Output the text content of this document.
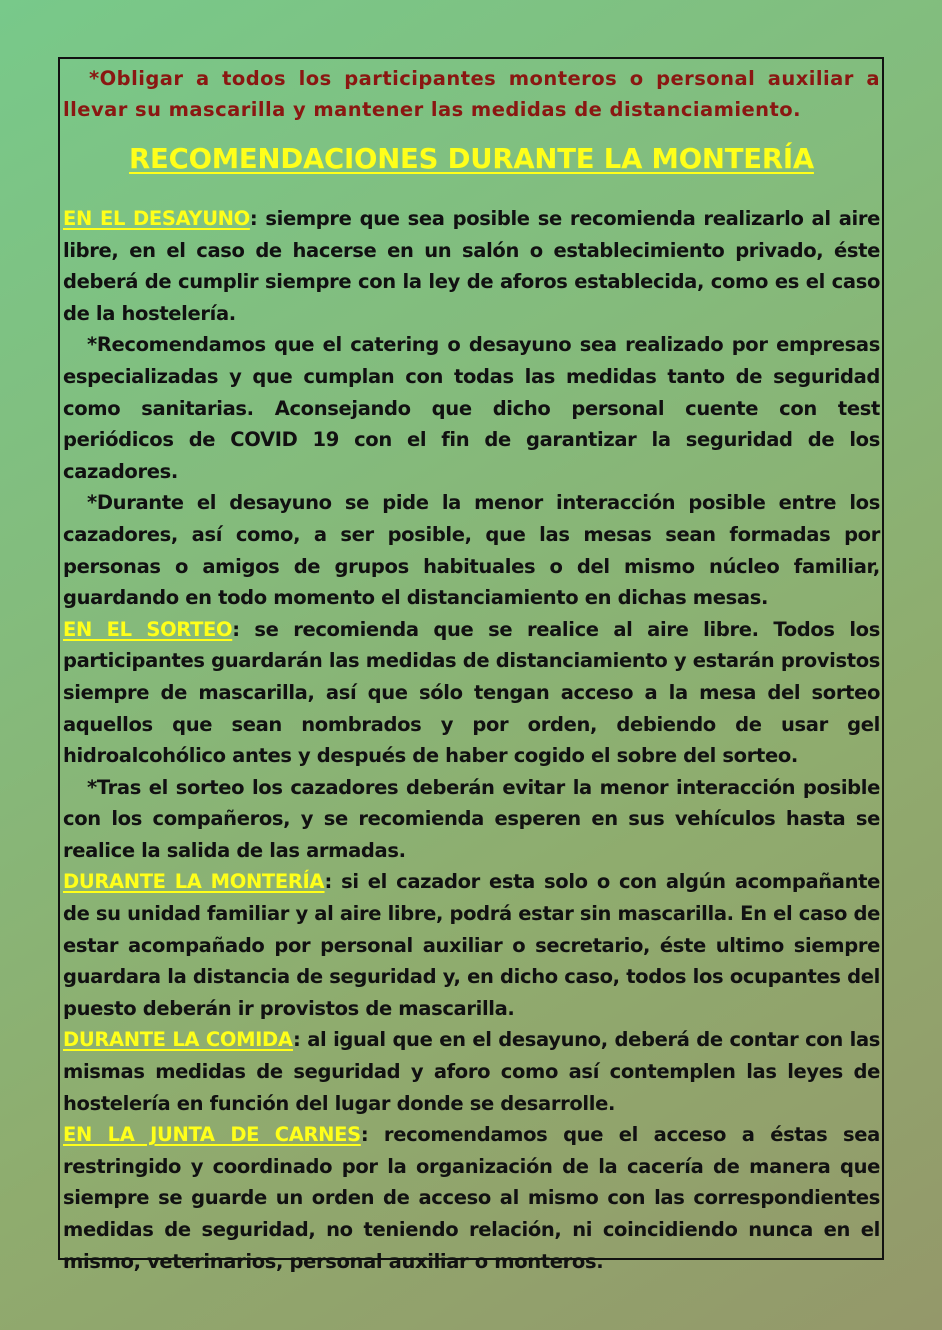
*Obligar a todos los participantes monteros o personal auxiliar a llevar su mascarilla y mantener las medidas de distanciamiento.

RECOMENDACIONES DURANTE LA MONTERÍA

EN EL DESAYUNO: siempre que sea posible se recomienda realizarlo al aire libre, en el caso de hacerse en un salón o establecimiento privado, éste deberá de cumplir siempre con la ley de aforos establecida, como es el caso de la hostelería.

*Recomendamos que el catering o desayuno sea realizado por empresas especializadas y que cumplan con todas las medidas tanto de seguridad como sanitarias. Aconsejando que dicho personal cuente con test periódicos de COVID 19 con el fin de garantizar la seguridad de los cazadores.

*Durante el desayuno se pide la menor interacción posible entre los cazadores, así como, a ser posible, que las mesas sean formadas por personas o amigos de grupos habituales o del mismo núcleo familiar, guardando en todo momento el distanciamiento en dichas mesas.

EN EL SORTEO: se recomienda que se realice al aire libre. Todos los participantes guardarán las medidas de distanciamiento y estarán provistos siempre de mascarilla, así que sólo tengan acceso a la mesa del sorteo aquellos que sean nombrados y por orden, debiendo de usar gel hidroalcohólico antes y después de haber cogido el sobre del sorteo.

*Tras el sorteo los cazadores deberán evitar la menor interacción posible con los compañeros, y se recomienda esperen en sus vehículos hasta se realice la salida de las armadas.

DURANTE LA MONTERÍA: si el cazador esta solo o con algún acompañante de su unidad familiar y al aire libre, podrá estar sin mascarilla. En el caso de estar acompañado por personal auxiliar o secretario, éste ultimo siempre guardara la distancia de seguridad y, en dicho caso, todos los ocupantes del puesto deberán ir provistos de mascarilla.

DURANTE LA COMIDA: al igual que en el desayuno, deberá de contar con las mismas medidas de seguridad y aforo como así contemplen las leyes de hostelería en función del lugar donde se desarrolle.

EN LA JUNTA DE CARNES: recomendamos que el acceso a éstas sea restringido y coordinado por la organización de la cacería de manera que siempre se guarde un orden de acceso al mismo con las correspondientes medidas de seguridad, no teniendo relación, ni coincidiendo nunca en el mismo, veterinarios, personal auxiliar o monteros.
